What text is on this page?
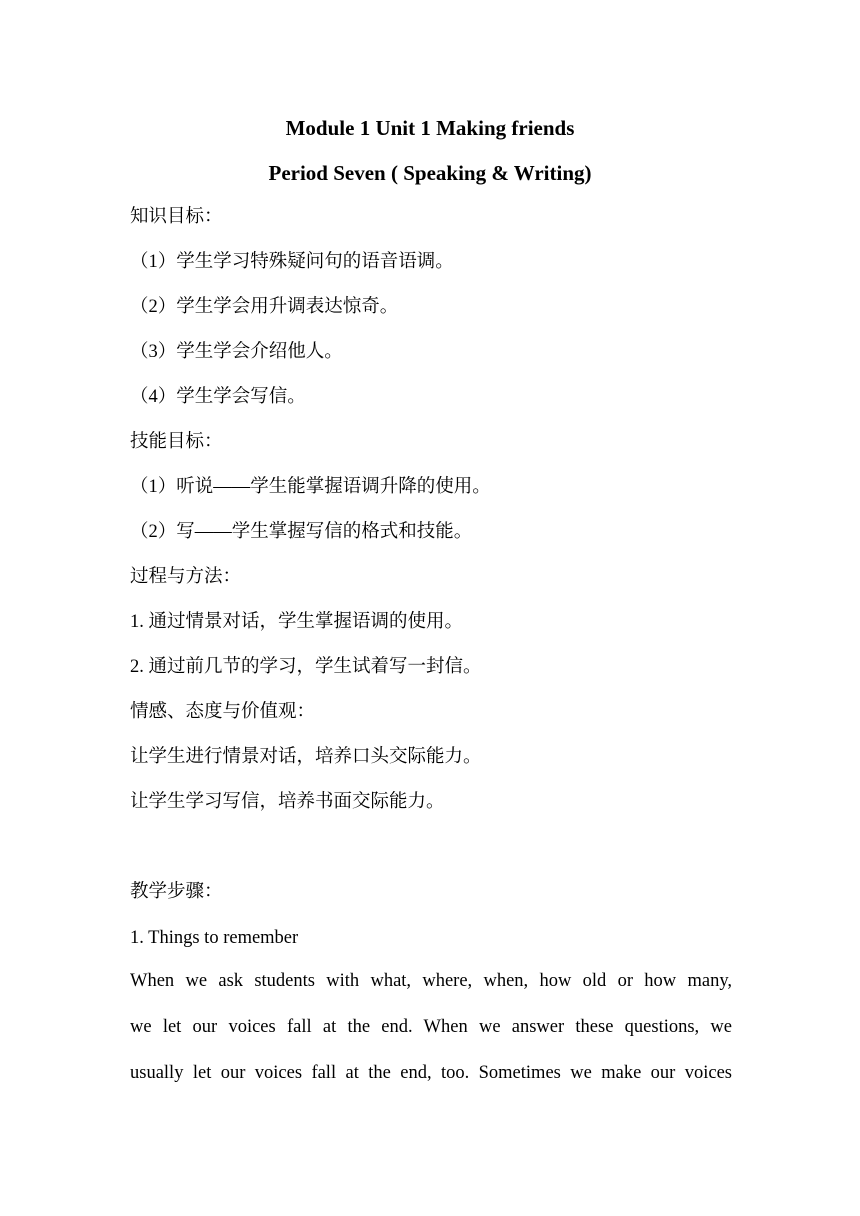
Module 1 Unit 1 Making friends
Period Seven ( Speaking & Writing)
知识目标：
（1）学生学习特殊疑问句的语音语调。
（2）学生学会用升调表达惊奇。
（3）学生学会介绍他人。
（4）学生学会写信。
技能目标：
（1）听说——学生能掌握语调升降的使用。
（2）写——学生掌握写信的格式和技能。
过程与方法：
1. 通过情景对话，学生掌握语调的使用。
2. 通过前几节的学习，学生试着写一封信。
情感、态度与价值观：
让学生进行情景对话，培养口头交际能力。
让学生学习写信，培养书面交际能力。
教学步骤：
1. Things to remember
When we ask students with what, where, when, how old or how many,
we let our voices fall at the end. When we answer these questions, we
usually let our voices fall at the end, too. Sometimes we make our voices
